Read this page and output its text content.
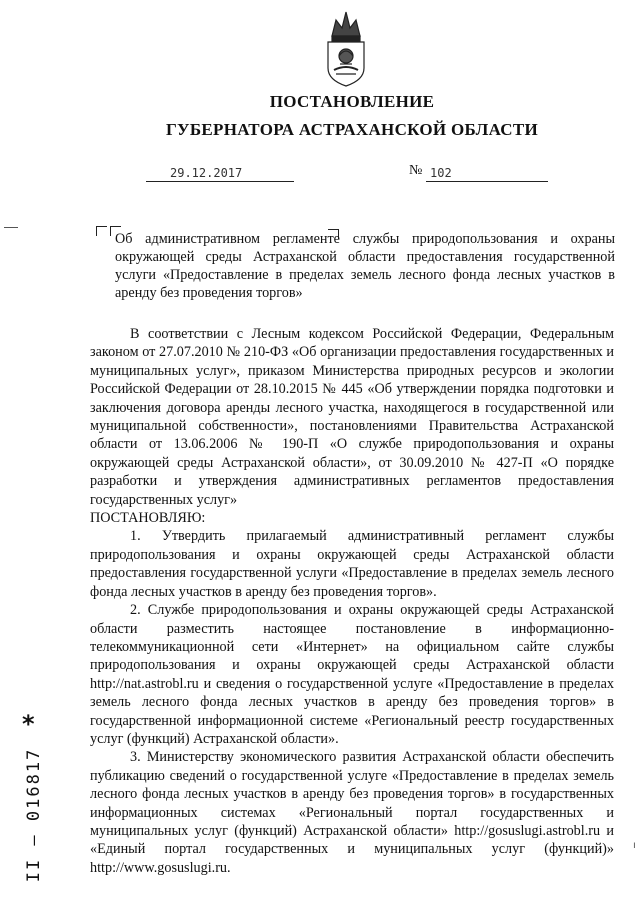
ПОСТАНОВЛЕНИЕ
ГУБЕРНАТОРА АСТРАХАНСКОЙ ОБЛАСТИ
29.12.2017	№ 102
Об административном регламенте службы природопользования и охраны окружающей среды Астраханской области предоставления государственной услуги «Предоставление в пределах земель лесного фонда лесных участков в аренду без проведения торгов»

В соответствии с Лесным кодексом Российской Федерации, Федеральным законом от 27.07.2010 № 210-ФЗ «Об организации предоставления государственных и муниципальных услуг», приказом Министерства природных ресурсов и экологии Российской Федерации от 28.10.2015 № 445 «Об утверждении порядка подготовки и заключения договора аренды лесного участка, находящегося в государственной или муниципальной собственности», постановлениями Правительства Астраханской области от 13.06.2006 № 190-П «О службе природопользования и охраны окружающей среды Астраханской области», от 30.09.2010 № 427-П «О порядке разработки и утверждения административных регламентов предоставления государственных услуг»

ПОСТАНОВЛЯЮ:

1. Утвердить прилагаемый административный регламент службы природопользования и охраны окружающей среды Астраханской области предоставления государственной услуги «Предоставление в пределах земель лесного фонда лесных участков в аренду без проведения торгов».

2. Службе природопользования и охраны окружающей среды Астраханской области разместить настоящее постановление в информационно-телекоммуникационной сети «Интернет» на официальном сайте службы природопользования и охраны окружающей среды Астраханской области http://nat.astrobl.ru и сведения о государственной услуге «Предоставление в пределах земель лесного фонда лесных участков в аренду без проведения торгов» в государственной информационной системе «Региональный реестр государственных услуг (функций) Астраханской области».

3. Министерству экономического развития Астраханской области обеспечить публикацию сведений о государственной услуге «Предоставление в пределах земель лесного фонда лесных участков в аренду без проведения торгов» в государственных информационных системах «Региональный портал государственных и муниципальных услуг (функций) Астраханской области» http://gosuslugi.astrobl.ru и «Единый портал государственных и муниципальных услуг (функций)» http://www.gosuslugi.ru.

*
II – 016817	ı
